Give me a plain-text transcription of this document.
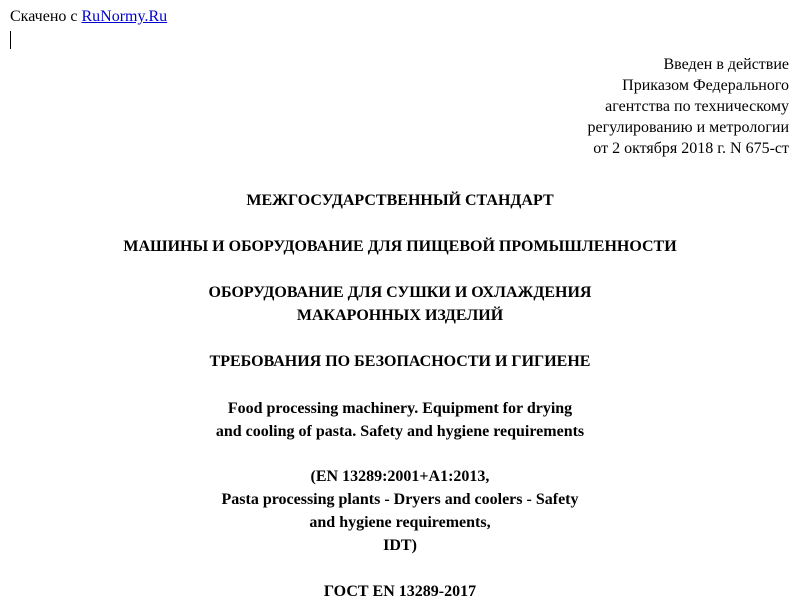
Скачено с RuNormy.Ru
Введен в действие
Приказом Федерального
агентства по техническому
регулированию и метрологии
от 2 октября 2018 г. N 675-ст
МЕЖГОСУДАРСТВЕННЫЙ СТАНДАРТ
МАШИНЫ И ОБОРУДОВАНИЕ ДЛЯ ПИЩЕВОЙ ПРОМЫШЛЕННОСТИ
ОБОРУДОВАНИЕ ДЛЯ СУШКИ И ОХЛАЖДЕНИЯ
МАКАРОННЫХ ИЗДЕЛИЙ
ТРЕБОВАНИЯ ПО БЕЗОПАСНОСТИ И ГИГИЕНЕ
Food processing machinery. Equipment for drying
and cooling of pasta. Safety and hygiene requirements
(EN 13289:2001+A1:2013,
Pasta processing plants - Dryers and coolers - Safety
and hygiene requirements,
IDT)
ГОСТ EN 13289-2017
